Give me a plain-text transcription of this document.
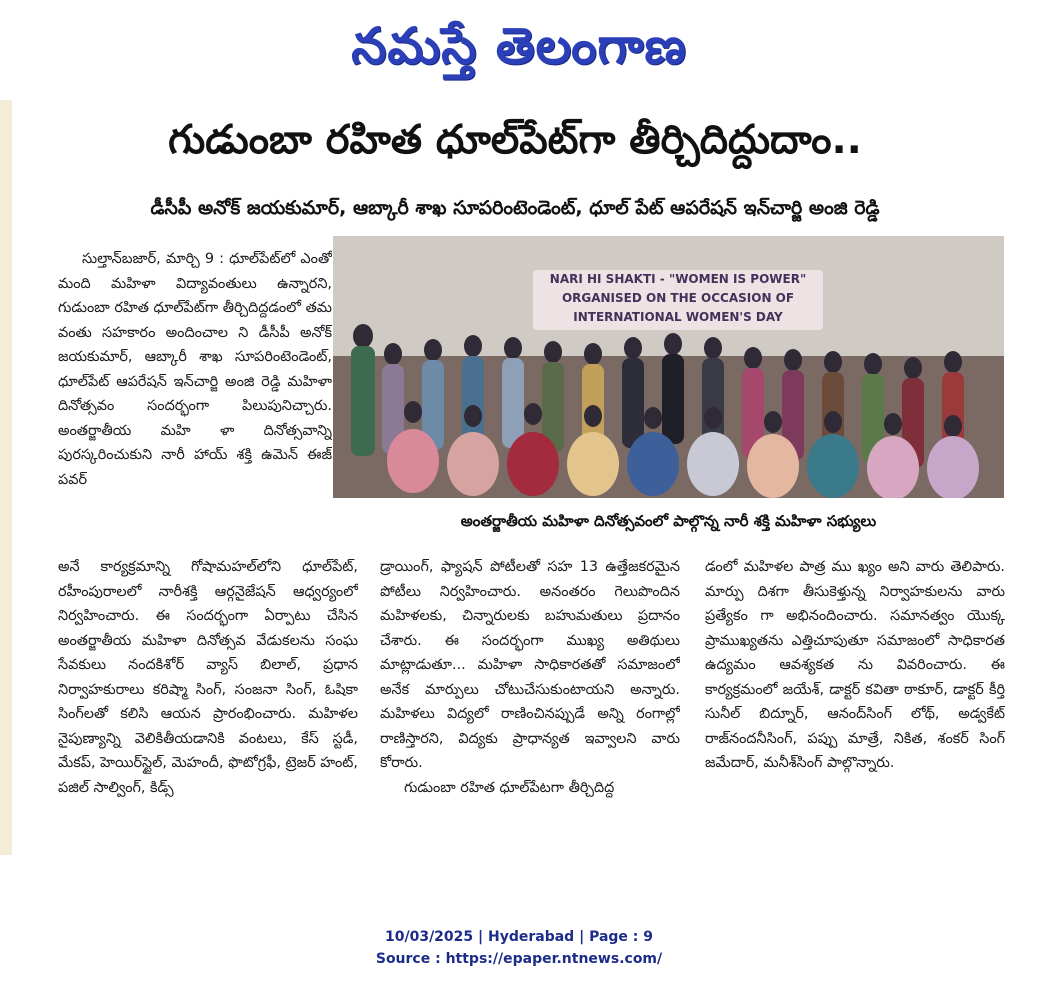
నమస్తే తెలంగాణ
గుడుంబా రహిత ధూల్‌పేట్‌గా తీర్చిదిద్దుదాం..
డీసీపీ అనోక్ జయకుమార్, ఆబ్కారీ శాఖ సూపరింటెండెంట్, ధూల్ పేట్ ఆపరేషన్ ఇన్‌చార్జి అంజి రెడ్డి

సుల్తాన్‌బజార్, మార్చి 9 : ధూల్‌పేట్‌లో ఎంతో మంది మహిళా విద్యావంతులు ఉన్నారని, గుడుంబా రహిత ధూల్‌పేట్‌గా తీర్చిదిద్దడంలో తమ వంతు సహకారం అందించాల ని డీసీపీ అనోక్ జయకుమార్, ఆబ్కారీ శాఖ సూపరింటెండెంట్, ధూల్‌పేట్ ఆపరేషన్ ఇన్‌చార్జి అంజి రెడ్డి మహిళా దినోత్సవం సందర్భంగా పిలుపునిచ్చారు. అంతర్జాతీయ మహి ళా దినోత్సవాన్ని పురస్కరించుకుని నారీ హాయ్ శక్తి ఉమెన్ ఈజ్ పవర్

NARI HI SHAKTI - "WOMEN IS POWER"
ORGANISED ON THE OCCASION OF
INTERNATIONAL WOMEN'S DAY
అంతర్జాతీయ మహిళా దినోత్సవంలో పాల్గొన్న నారీ శక్తి మహిళా సభ్యులు

అనే కార్యక్రమాన్ని గోషామహల్‌లోని ధూల్‌పేట్, రహీంపురాలలో నారీశక్తి ఆర్గనైజేషన్ ఆధ్వర్యంలో నిర్వహించారు. ఈ సందర్భంగా ఏర్పాటు చేసిన అంతర్జాతీయ మహిళా దినోత్సవ వేడుకలను సంఘ సేవకులు నందకిశోర్ వ్యాస్ బిలాల్, ప్రధాన నిర్వాహకురాలు కరిష్మా సింగ్, సంజనా సింగ్, ఓషికా సింగ్‌లతో కలిసి ఆయన ప్రారంభించారు. మహిళల నైపుణ్యాన్ని వెలికితీయడానికి వంటలు, కేస్ స్టడీ, మేకప్, హెయిర్‌స్టైల్, మెహందీ, ఫొటోగ్రఫీ, ట్రెజర్ హంట్, పజిల్ సాల్వింగ్, కిడ్స్

డ్రాయింగ్, ఫ్యాషన్ పోటీలతో సహ 13 ఉత్తేజకరమైన పోటీలు నిర్వహించారు. అనంతరం గెలుపొందిన మహిళలకు, చిన్నారులకు బహుమతులు ప్రదానం చేశారు. ఈ సందర్భంగా ముఖ్య అతిథులు మాట్లాడుతూ... మహిళా సాధికారతతో సమాజంలో అనేక మార్పులు చోటుచేసుకుంటాయని అన్నారు. మహిళలు విద్యలో రాణించినప్పుడే అన్ని రంగాల్లో రాణిస్తారని, విద్యకు ప్రాధాన్యత ఇవ్వాలని వారు కోరారు.

గుడుంబా రహిత ధూల్‌పేటగా తీర్చిదిద్ద

డంలో మహిళల పాత్ర ము ఖ్యం అని వారు తెలిపారు. మార్పు దిశగా తీసుకెళ్తున్న నిర్వాహకులను వారు ప్రత్యేకం గా అభినందించారు. సమానత్వం యొక్క ప్రాముఖ్యతను ఎత్తిచూపుతూ సమాజంలో సాధికారత ఉద్యమం ఆవశ్యకత ను వివరించారు. ఈ కార్యక్రమంలో జయేశ్, డాక్టర్ కవితా ఠాకూర్, డాక్టర్ కీర్తి సునీల్ బిద్నూర్, ఆనంద్‌సింగ్ లోథ్, అడ్వకేట్ రాజ్‌నందనీసింగ్, పప్పు మాత్రే, నికిత, శంకర్ సింగ్ జమేదార్, మనీశ్‌సింగ్ పాల్గొన్నారు.

10/03/2025 | Hyderabad | Page : 9
Source : https://epaper.ntnews.com/
